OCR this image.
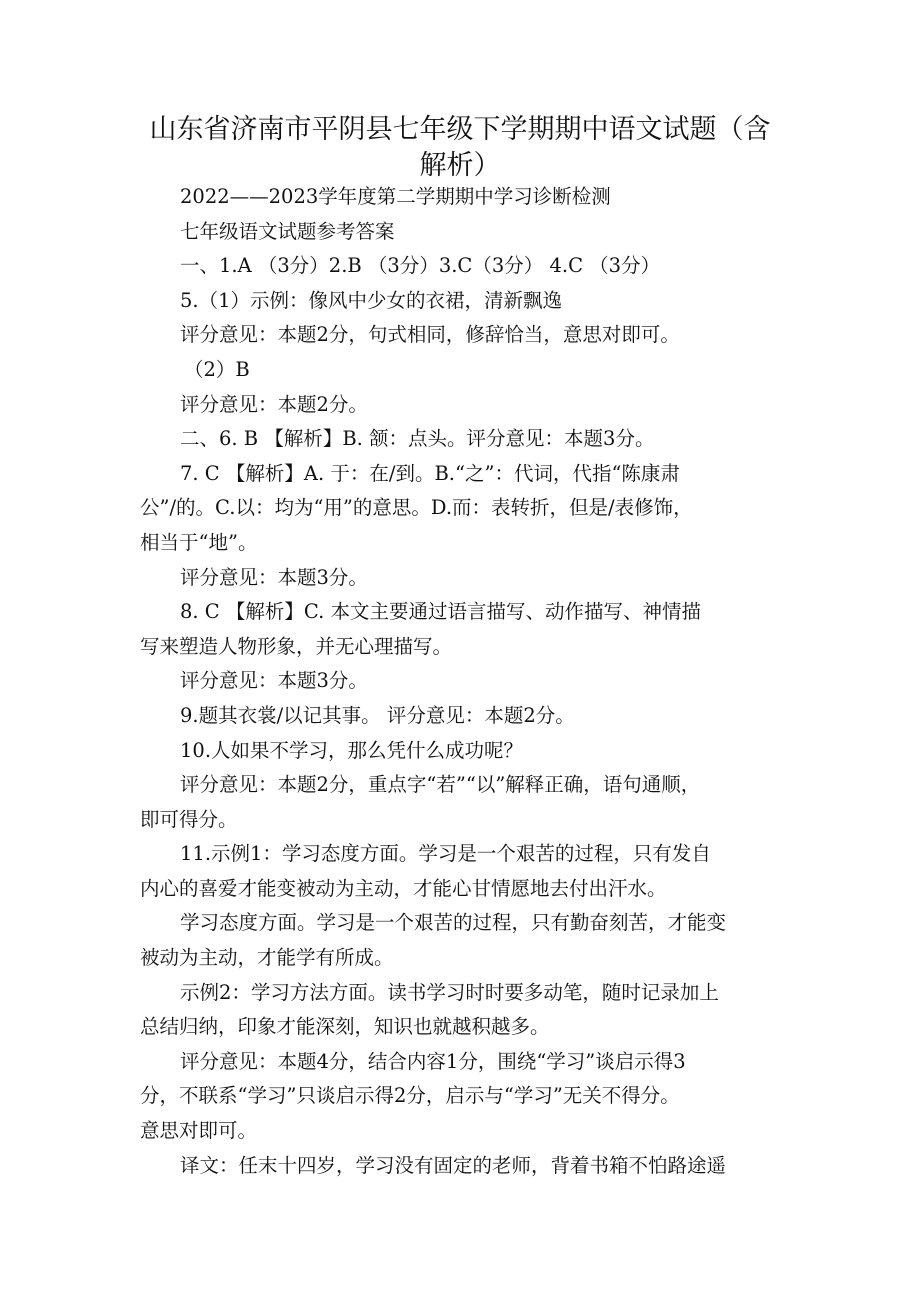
山东省济南市平阴县七年级下学期期中语文试题（含解析）
2022——2023学年度第二学期期中学习诊断检测
七年级语文试题参考答案
一、1.A （3分）2.B （3分）3.C（3分） 4.C （3分）
5.（1）示例：像风中少女的衣裙，清新飘逸
评分意见：本题2分，句式相同，修辞恰当，意思对即可。
（2）B
评分意见：本题2分。
二、6. B 【解析】B. 颔：点头。评分意见：本题3分。
7. C 【解析】A. 于：在/到。B.“之”：代词，代指“陈康肃
公”/的。C.以：均为“用”的意思。D.而：表转折，但是/表修饰，
相当于“地”。
评分意见：本题3分。
8. C 【解析】C. 本文主要通过语言描写、动作描写、神情描
写来塑造人物形象，并无心理描写。
评分意见：本题3分。
9.题其衣裳/以记其事。 评分意见：本题2分。
10.人如果不学习，那么凭什么成功呢？
评分意见：本题2分，重点字“若”“以”解释正确，语句通顺，
即可得分。
11.示例1：学习态度方面。学习是一个艰苦的过程，只有发自
内心的喜爱才能变被动为主动，才能心甘情愿地去付出汗水。
学习态度方面。学习是一个艰苦的过程，只有勤奋刻苦，才能变
被动为主动，才能学有所成。
示例2：学习方法方面。读书学习时时要多动笔，随时记录加上
总结归纳，印象才能深刻，知识也就越积越多。
评分意见：本题4分，结合内容1分，围绕“学习”谈启示得3
分，不联系“学习”只谈启示得2分，启示与“学习”无关不得分。
意思对即可。
译文：任末十四岁，学习没有固定的老师，背着书箱不怕路途遥
